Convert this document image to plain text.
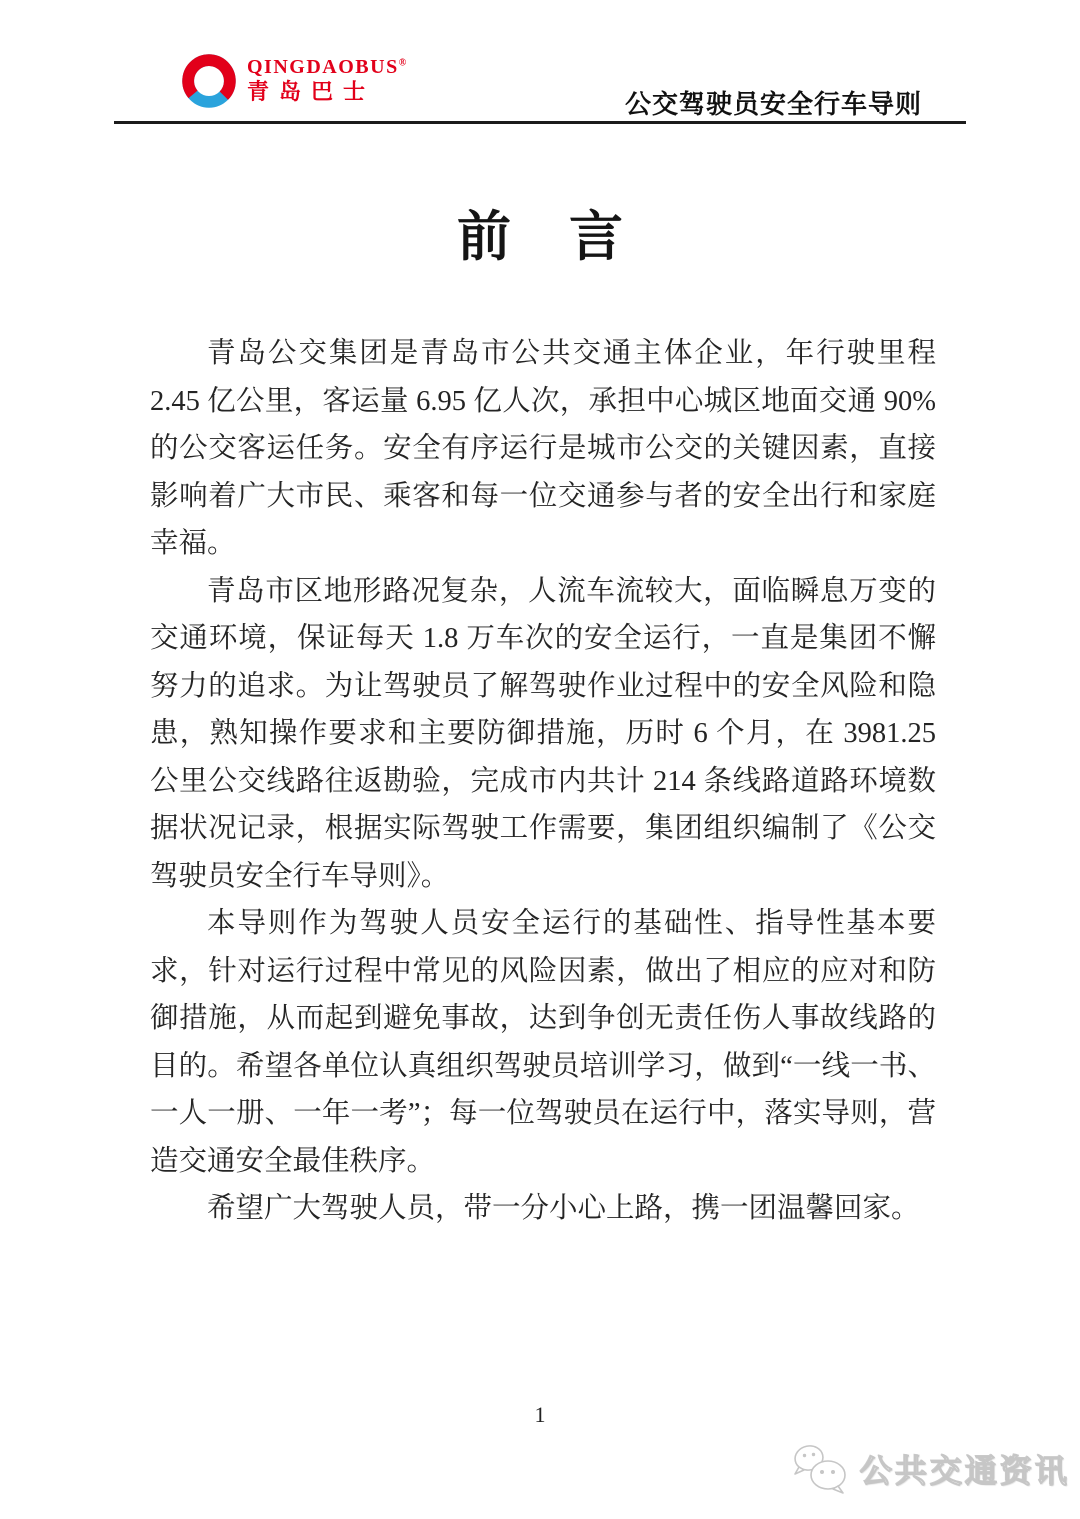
QINGDAOBUS®
青岛巴士	公交驾驶员安全行车导则
前 言

青岛公交集团是青岛市公共交通主体企业，年行驶里程 2.45 亿公里，客运量 6.95 亿人次，承担中心城区地面交通 90%的公交客运任务。安全有序运行是城市公交的关键因素，直接影响着广大市民、乘客和每一位交通参与者的安全出行和家庭幸福。

青岛市区地形路况复杂，人流车流较大，面临瞬息万变的交通环境，保证每天 1.8 万车次的安全运行，一直是集团不懈努力的追求。为让驾驶员了解驾驶作业过程中的安全风险和隐患，熟知操作要求和主要防御措施，历时 6 个月，在 3981.25 公里公交线路往返勘验，完成市内共计 214 条线路道路环境数据状况记录，根据实际驾驶工作需要，集团组织编制了《公交驾驶员安全行车导则》。

本导则作为驾驶人员安全运行的基础性、指导性基本要求，针对运行过程中常见的风险因素，做出了相应的应对和防御措施，从而起到避免事故，达到争创无责任伤人事故线路的目的。希望各单位认真组织驾驶员培训学习，做到“一线一书、一人一册、一年一考”；每一位驾驶员在运行中，落实导则，营造交通安全最佳秩序。

希望广大驾驶人员，带一分小心上路，携一团温馨回家。

1
公共交通资讯
